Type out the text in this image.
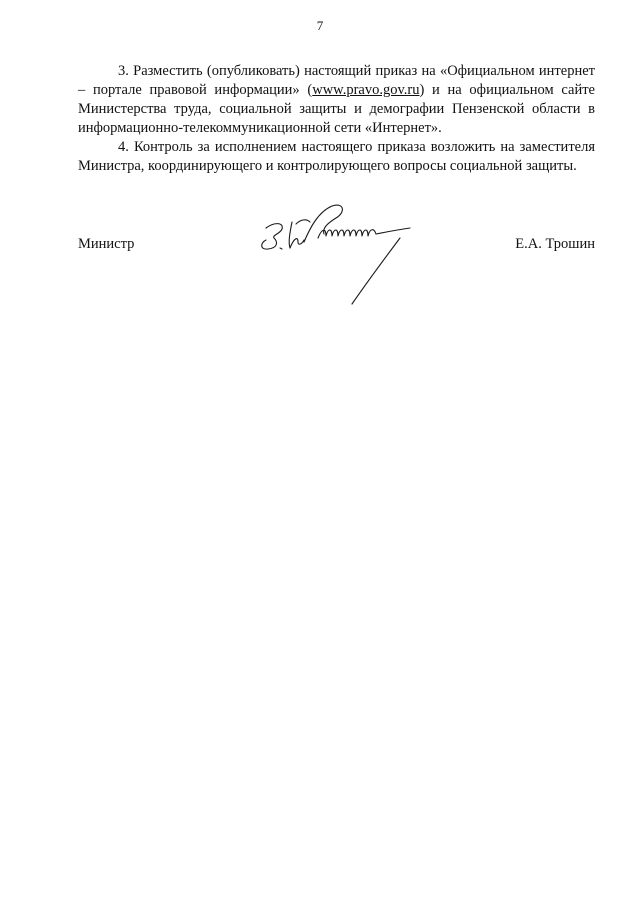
7

3. Разместить (опубликовать) настоящий приказ на «Официальном интернет – портале правовой информации» (www.pravo.gov.ru) и на официальном сайте Министерства труда, социальной защиты и демографии Пензенской области в информационно-телекоммуникационной сети «Интернет».

4. Контроль за исполнением настоящего приказа возложить на заместителя Министра, координирующего и контролирующего вопросы социальной защиты.

Министр	Е.А. Трошин
